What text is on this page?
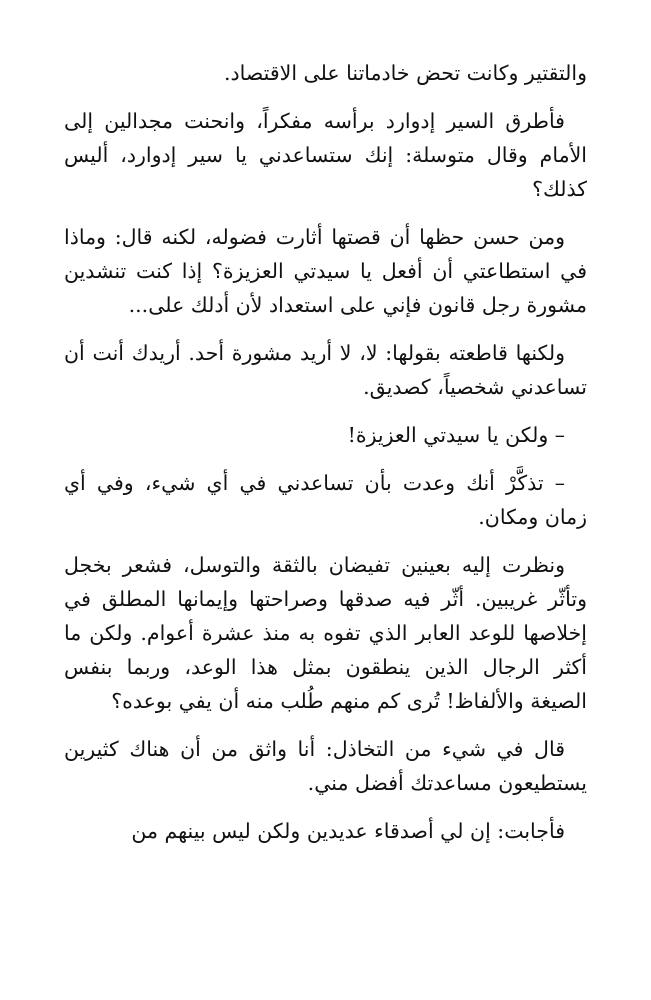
والتقتير وكانت تحض خادماتنا على الاقتصاد.

فأطرق السير إدوارد برأسه مفكراً، وانحنت مجدالين إلى الأمام وقال متوسلة: إنك ستساعدني يا سير إدوارد، أليس كذلك؟

ومن حسن حظها أن قصتها أثارت فضوله، لكنه قال: وماذا في استطاعتي أن أفعل يا سيدتي العزيزة؟ إذا كنت تنشدين مشورة رجل قانون فإني على استعداد لأن أدلك على...

ولكنها قاطعته بقولها: لا، لا أريد مشورة أحد. أريدك أنت أن تساعدني شخصياً، كصديق.

– ولكن يا سيدتي العزيزة!

– تذكَّرْ أنك وعدت بأن تساعدني في أي شيء، وفي أي زمان ومكان.

ونظرت إليه بعينين تفيضان بالثقة والتوسل، فشعر بخجل وتأثّر غريبين. أثّر فيه صدقها وصراحتها وإيمانها المطلق في إخلاصها للوعد العابر الذي تفوه به منذ عشرة أعوام. ولكن ما أكثر الرجال الذين ينطقون بمثل هذا الوعد، وربما بنفس الصيغة والألفاظ! تُرى كم منهم طُلب منه أن يفي بوعده؟

قال في شيء من التخاذل: أنا واثق من أن هناك كثيرين يستطيعون مساعدتك أفضل مني.

فأجابت: إن لي أصدقاء عديدين ولكن ليس بينهم من
